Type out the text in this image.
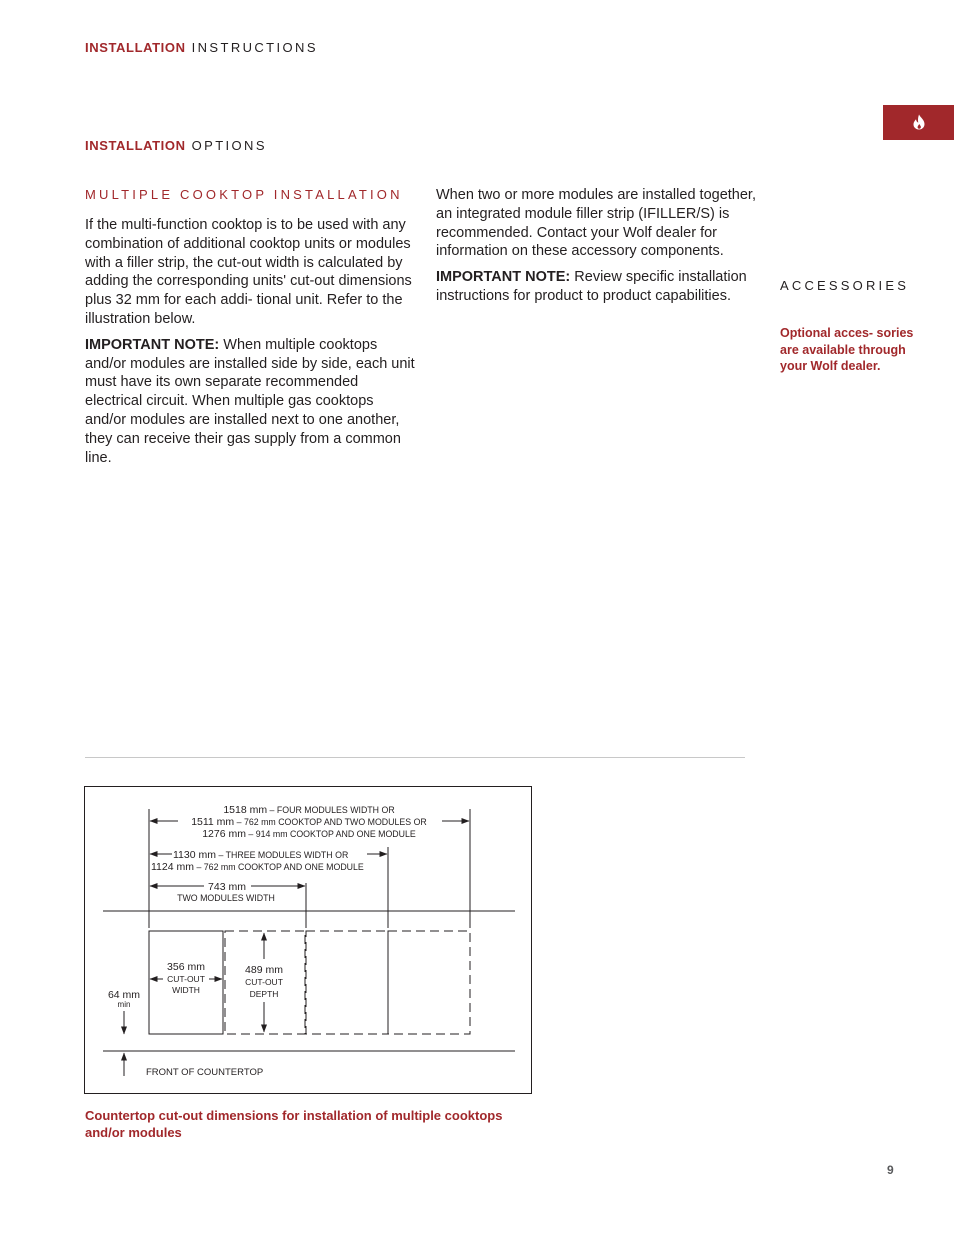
INSTALLATION INSTRUCTIONS
INSTALLATION OPTIONS
MULTIPLE COOKTOP INSTALLATION

If the multi-function cooktop is to be used with any combination of additional cooktop units or modules with a filler strip, the cut-out width is calculated by adding the corresponding units' cut-out dimensions plus 32 mm for each addi- tional unit. Refer to the illustration below.

IMPORTANT NOTE: When multiple cooktops and/or modules are installed side by side, each unit must have its own separate recommended electrical circuit. When multiple gas cooktops and/or modules are installed next to one another, they can receive their gas supply from a common line.

When two or more modules are installed together, an integrated module filler strip (IFILLER/S) is recommended. Contact your Wolf dealer for information on these accessory components.

IMPORTANT NOTE: Review specific installation instructions for product to product capabilities.

ACCESSORIES
Optional acces- sories are available through your Wolf dealer.
1518 mm – FOUR MODULES WIDTH OR
1511 mm – 762 mm COOKTOP AND TWO MODULES OR
1276 mm – 914 mm COOKTOP AND ONE MODULE
1130 mm – THREE MODULES WIDTH OR
1124 mm – 762 mm COOKTOP AND ONE MODULE
743 mm
TWO MODULES WIDTH
356 mm
CUT-OUT
WIDTH
489 mm
CUT-OUT
DEPTH
64 mm
min
FRONT OF COUNTERTOP
Countertop cut-out dimensions for installation of multiple cooktops and/or modules
9
